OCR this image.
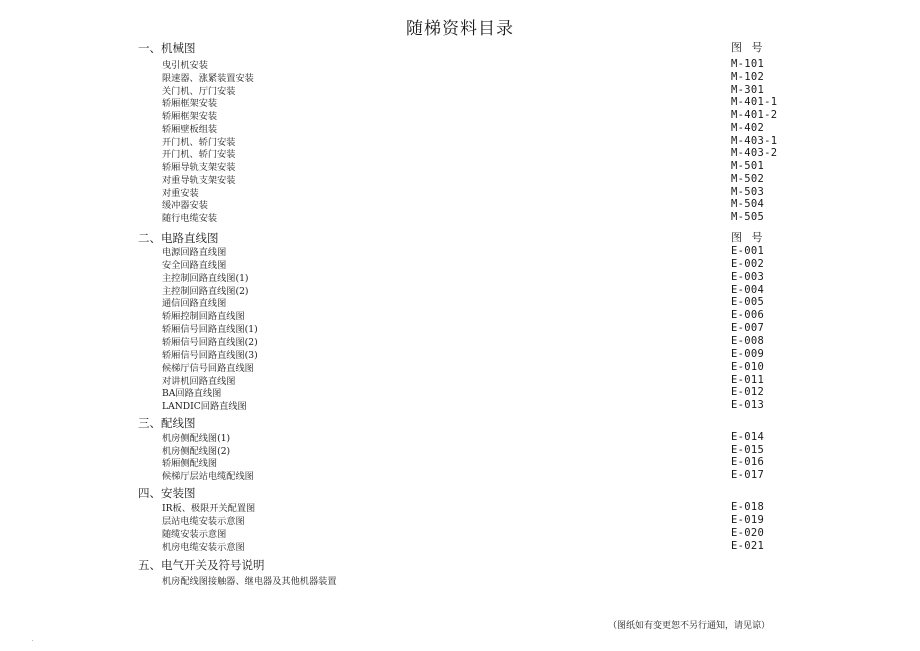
随梯资料目录
一、机械图	图 号
曳引机安装	M-101
限速器、涨紧装置安装	M-102
关门机、厅门安装	M-301
轿厢框架安装	M-401-1
轿厢框架安装	M-401-2
轿厢壁板组装	M-402
开门机、轿门安装	M-403-1
开门机、轿门安装	M-403-2
轿厢导轨支架安装	M-501
对重导轨支架安装	M-502
对重安装	M-503
缓冲器安装	M-504
随行电缆安装	M-505
二、电路直线图	图 号
电源回路直线图	E-001
安全回路直线图	E-002
主控制回路直线图(1)	E-003
主控制回路直线图(2)	E-004
通信回路直线图	E-005
轿厢控制回路直线图	E-006
轿厢信号回路直线图(1)	E-007
轿厢信号回路直线图(2)	E-008
轿厢信号回路直线图(3)	E-009
候梯厅信号回路直线图	E-010
对讲机回路直线图	E-011
BA回路直线图	E-012
LANDIC回路直线图	E-013
三、配线图
机房侧配线图(1)	E-014
机房侧配线图(2)	E-015
轿厢侧配线图	E-016
候梯厅层站电缆配线图	E-017
四、安装图
IR板、极限开关配置图	E-018
层站电缆安装示意图	E-019
随缆安装示意图	E-020
机房电缆安装示意图	E-021
五、电气开关及符号说明
机房配线图接触器、继电器及其他机器装置
（图纸如有变更恕不另行通知，请见谅）
